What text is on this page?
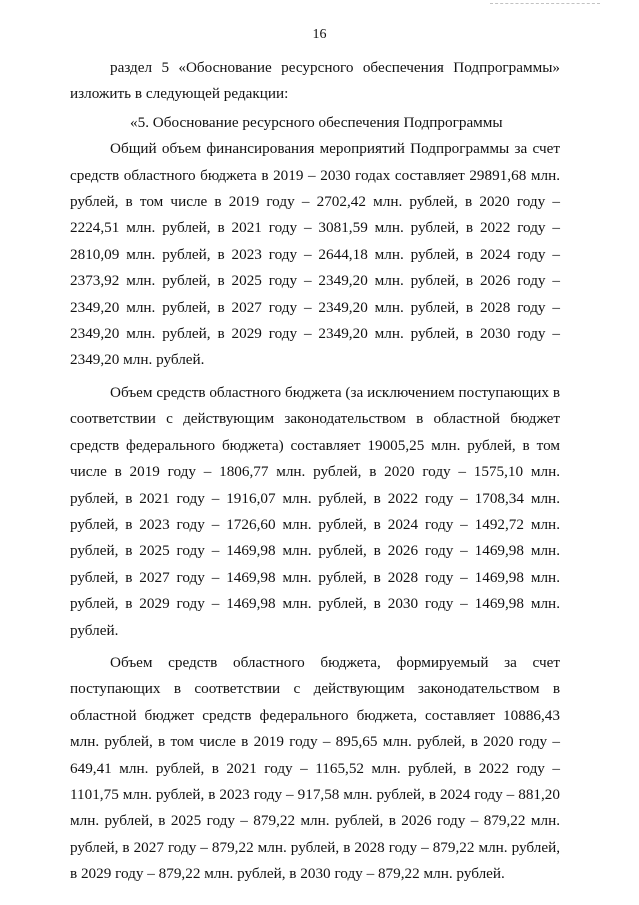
16

раздел 5 «Обоснование ресурсного обеспечения Подпрограммы» изложить в следующей редакции:

«5. Обоснование ресурсного обеспечения Подпрограммы

Общий объем финансирования мероприятий Подпрограммы за счет средств областного бюджета в 2019 – 2030 годах составляет 29891,68 млн. рублей, в том числе в 2019 году – 2702,42 млн. рублей, в 2020 году – 2224,51 млн. рублей, в 2021 году – 3081,59 млн. рублей, в 2022 году – 2810,09 млн. рублей, в 2023 году – 2644,18 млн. рублей, в 2024 году – 2373,92 млн. рублей, в 2025 году – 2349,20 млн. рублей, в 2026 году – 2349,20 млн. рублей, в 2027 году – 2349,20 млн. рублей, в 2028 году – 2349,20 млн. рублей, в 2029 году – 2349,20 млн. рублей, в 2030 году – 2349,20 млн. рублей.

Объем средств областного бюджета (за исключением поступающих в соответствии с действующим законодательством в областной бюджет средств федерального бюджета) составляет 19005,25 млн. рублей, в том числе в 2019 году – 1806,77 млн. рублей, в 2020 году – 1575,10 млн. рублей, в 2021 году – 1916,07 млн. рублей, в 2022 году – 1708,34 млн. рублей, в 2023 году – 1726,60 млн. рублей, в 2024 году – 1492,72 млн. рублей, в 2025 году – 1469,98 млн. рублей, в 2026 году – 1469,98 млн. рублей, в 2027 году – 1469,98 млн. рублей, в 2028 году – 1469,98 млн. рублей, в 2029 году – 1469,98 млн. рублей, в 2030 году – 1469,98 млн. рублей.

Объем средств областного бюджета, формируемый за счет поступающих в соответствии с действующим законодательством в областной бюджет средств федерального бюджета, составляет 10886,43 млн. рублей, в том числе в 2019 году – 895,65 млн. рублей, в 2020 году – 649,41 млн. рублей, в 2021 году – 1165,52 млн. рублей, в 2022 году – 1101,75 млн. рублей, в 2023 году – 917,58 млн. рублей, в 2024 году – 881,20 млн. рублей, в 2025 году – 879,22 млн. рублей, в 2026 году – 879,22 млн. рублей, в 2027 году – 879,22 млн. рублей, в 2028 году – 879,22 млн. рублей, в 2029 году – 879,22 млн. рублей, в 2030 году – 879,22 млн. рублей.
